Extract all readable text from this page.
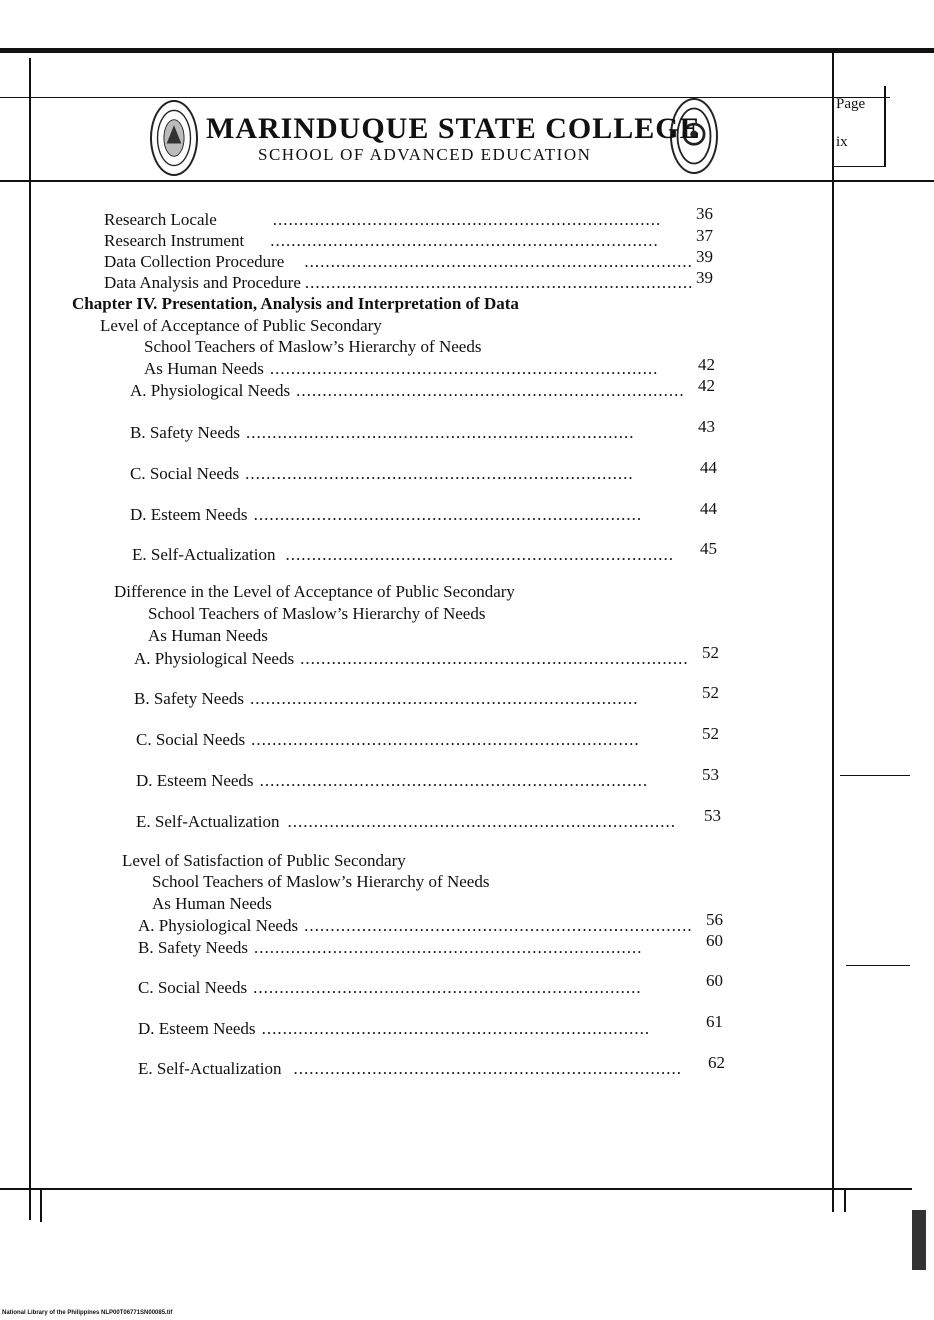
MARINDUQUE STATE COLLEGE
SCHOOL OF ADVANCED EDUCATION
Page
ix
Research Locale	.......................................................................... 36
Research Instrument .......................................................................... 37
Data Collection Procedure .......................................................................... 39
Data Analysis and Procedure .......................................................................... 39
Chapter IV. Presentation, Analysis and Interpretation of Data
Level of Acceptance of Public Secondary
School Teachers of Maslow’s Hierarchy of Needs
As Human Needs ..........................................................................	42
A. Physiological Needs .......................................................................... 42
B. Safety Needs ..........................................................................	43
C. Social Needs ..........................................................................	44
D. Esteem Needs ..........................................................................	44
E. Self-Actualization .......................................................................... 45
Difference in the Level of Acceptance of Public Secondary
School Teachers of Maslow’s Hierarchy of Needs
As Human Needs
A. Physiological Needs .......................................................................... 52
B. Safety Needs ..........................................................................	52
C. Social Needs ..........................................................................	52
D. Esteem Needs ..........................................................................	53
E. Self-Actualization .......................................................................... 53
Level of Satisfaction of Public Secondary
School Teachers of Maslow’s Hierarchy of Needs
As Human Needs
A. Physiological Needs .......................................................................... 56
B. Safety Needs ..........................................................................	60
C. Social Needs ..........................................................................	60
D. Esteem Needs ..........................................................................	61
E. Self-Actualization .......................................................................... 62
National Library of the Philippines NLP00T06771SN00085.tif
